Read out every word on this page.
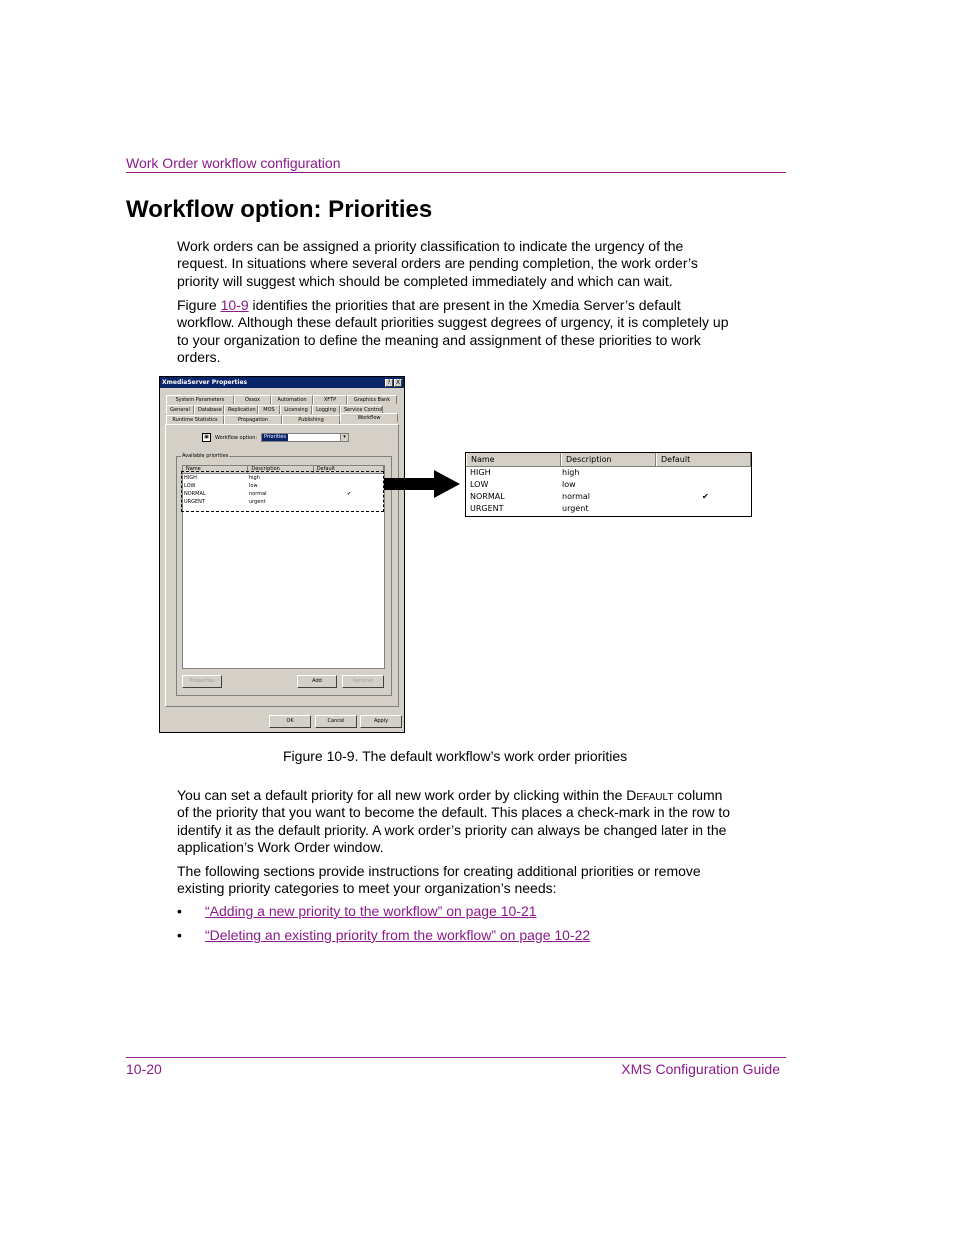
Work Order workflow configuration
Workflow option: Priorities

Work orders can be assigned a priority classification to indicate the urgency of the request. In situations where several orders are pending completion, the work order’s priority will suggest which should be completed immediately and which can wait.

Figure 10-9 identifies the priorities that are present in the Xmedia Server’s default workflow. Although these default priorities suggest degrees of urgency, it is completely up to your organization to define the meaning and assignment of these priorities to work orders.

XmediaServer Properties	? X
System Parameters	Ossox	Automation	XFTP	Graphics Bank
General	Database	Replication	MOS	Licensing	Logging	Service Control
Runtime Statistics	Propagation	Publishing	Workflow
▣	Workflow option:	Priorities	▾
Available priorities
Name	Description	Default
HIGH	high
LOW	low
NORMAL	normal	✔
URGENT	urgent
Properties	Add	Remove
OK	Cancel	Apply
Name	Description	Default
HIGH	high
LOW	low
NORMAL	normal	✔
URGENT	urgent
Figure 10-9. The default workflow’s work order priorities

You can set a default priority for all new work order by clicking within the Default column of the priority that you want to become the default. This places a check-mark in the row to identify it as the default priority. A work order’s priority can always be changed later in the application’s Work Order window.

The following sections provide instructions for creating additional priorities or remove existing priority categories to meet your organization’s needs:

•	“Adding a new priority to the workflow” on page 10-21
•	“Deleting an existing priority from the workflow” on page 10-22
10-20	XMS Configuration Guide
